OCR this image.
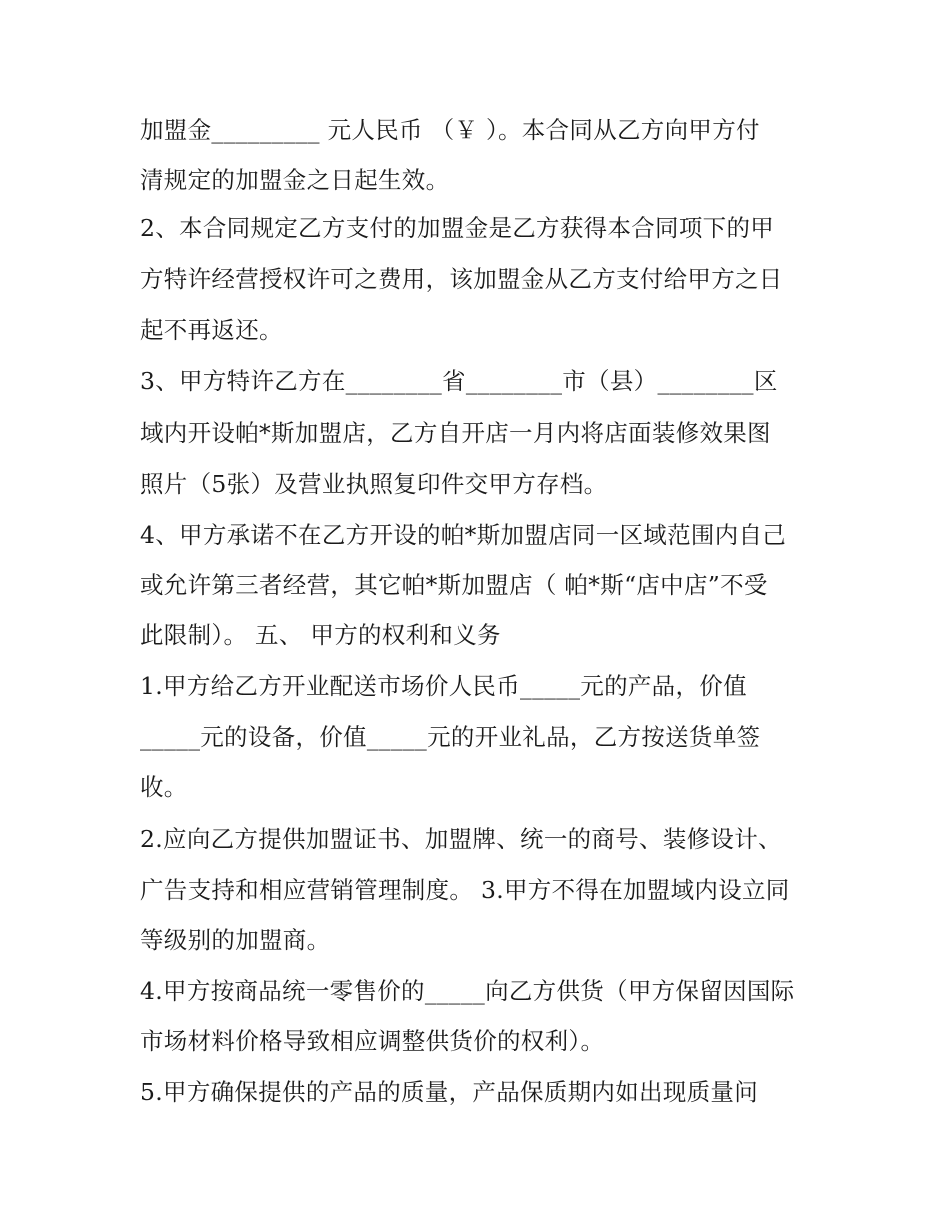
加盟金_________ 元人民币 （￥ ）。本合同从乙方向甲方付
清规定的加盟金之日起生效。
2、本合同规定乙方支付的加盟金是乙方获得本合同项下的甲
方特许经营授权许可之费用，该加盟金从乙方支付给甲方之日
起不再返还。
3、甲方特许乙方在________省________市（县）________区
域内开设帕*斯加盟店，乙方自开店一月内将店面装修效果图
照片（5张）及营业执照复印件交甲方存档。
4、甲方承诺不在乙方开设的帕*斯加盟店同一区域范围内自己
或允许第三者经营，其它帕*斯加盟店（ 帕*斯“店中店”不受
此限制）。 五、 甲方的权利和义务
1.甲方给乙方开业配送市场价人民币_____元的产品，价值
_____元的设备，价值_____元的开业礼品，乙方按送货单签
收。
2.应向乙方提供加盟证书、加盟牌、统一的商号、装修设计、
广告支持和相应营销管理制度。 3.甲方不得在加盟域内设立同
等级别的加盟商。
4.甲方按商品统一零售价的_____向乙方供货（甲方保留因国际
市场材料价格导致相应调整供货价的权利）。
5.甲方确保提供的产品的质量，产品保质期内如出现质量问
